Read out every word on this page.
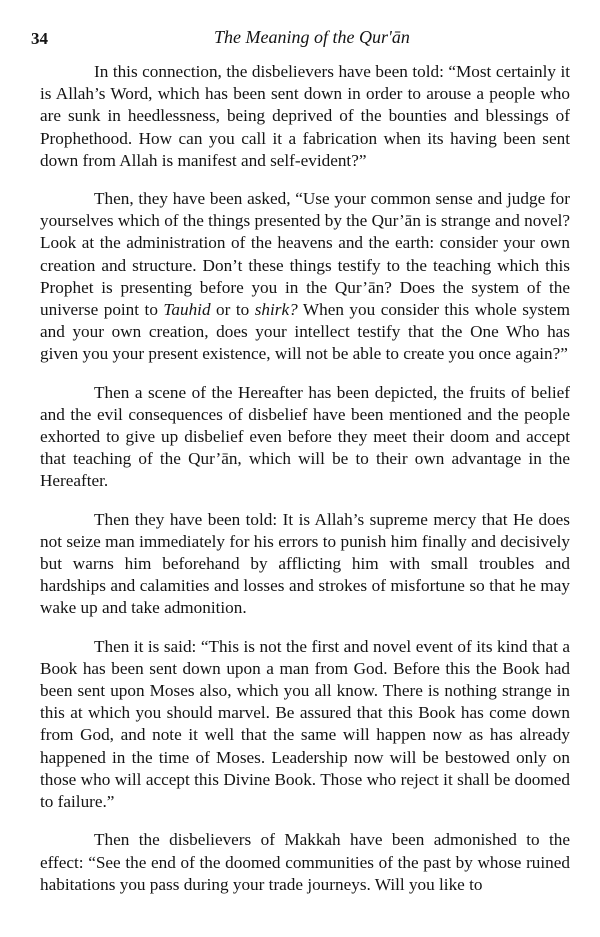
34	The Meaning of the Qur'ān

In this connection, the disbelievers have been told: “Most certainly it is Allah’s Word, which has been sent down in order to arouse a people who are sunk in heedlessness, being deprived of the bounties and blessings of Prophethood. How can you call it a fabrication when its having been sent down from Allah is manifest and self-evident?”

Then, they have been asked, “Use your common sense and judge for yourselves which of the things presented by the Qur’ān is strange and novel? Look at the administration of the heavens and the earth: consider your own creation and structure. Don’t these things testify to the teaching which this Prophet is presenting before you in the Qur’ān? Does the system of the universe point to Tauhid or to shirk? When you consider this whole system and your own creation, does your intellect testify that the One Who has given you your present existence, will not be able to create you once again?”

Then a scene of the Hereafter has been depicted, the fruits of belief and the evil consequences of disbelief have been mentioned and the people exhorted to give up disbelief even before they meet their doom and accept that teaching of the Qur’ān, which will be to their own advantage in the Hereafter.

Then they have been told: It is Allah’s supreme mercy that He does not seize man immediately for his errors to punish him finally and decisively but warns him beforehand by afflicting him with small troubles and hardships and calamities and losses and strokes of misfortune so that he may wake up and take admonition.

Then it is said: “This is not the first and novel event of its kind that a Book has been sent down upon a man from God. Before this the Book had been sent upon Moses also, which you all know. There is nothing strange in this at which you should marvel. Be assured that this Book has come down from God, and note it well that the same will happen now as has already happened in the time of Moses. Leadership now will be bestowed only on those who will accept this Divine Book. Those who reject it shall be doomed to failure.”

Then the disbelievers of Makkah have been admonished to the effect: “See the end of the doomed communities of the past by whose ruined habitations you pass during your trade journeys. Will you like to
